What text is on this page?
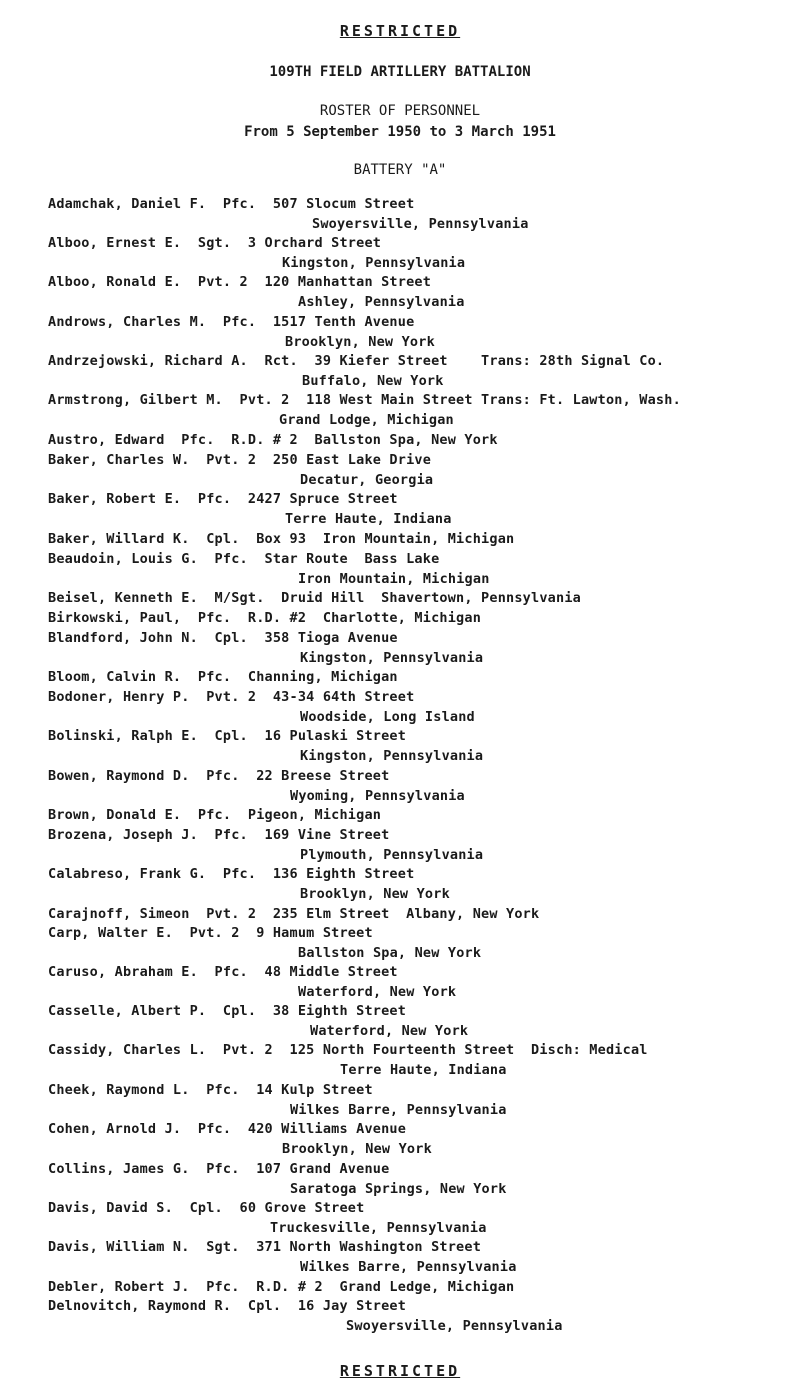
RESTRICTED
109TH FIELD ARTILLERY BATTALION
ROSTER OF PERSONNEL
From 5 September 1950 to 3 March 1951
BATTERY "A"
Adamchak, Daniel F.  Pfc.  507 Slocum Street
Swoyersville, Pennsylvania
Alboo, Ernest E.  Sgt.  3 Orchard Street
Kingston, Pennsylvania
Alboo, Ronald E.  Pvt. 2  120 Manhattan Street
Ashley, Pennsylvania
Androws, Charles M.  Pfc.  1517 Tenth Avenue
Brooklyn, New York
Andrzejowski, Richard A.  Rct.  39 Kiefer Street    Trans: 28th Signal Co.
Buffalo, New York
Armstrong, Gilbert M.  Pvt. 2  118 West Main Street Trans: Ft. Lawton, Wash.
Grand Lodge, Michigan
Austro, Edward  Pfc.  R.D. # 2  Ballston Spa, New York
Baker, Charles W.  Pvt. 2  250 East Lake Drive
Decatur, Georgia
Baker, Robert E.  Pfc.  2427 Spruce Street
Terre Haute, Indiana
Baker, Willard K.  Cpl.  Box 93  Iron Mountain, Michigan
Beaudoin, Louis G.  Pfc.  Star Route  Bass Lake
Iron Mountain, Michigan
Beisel, Kenneth E.  M/Sgt.  Druid Hill  Shavertown, Pennsylvania
Birkowski, Paul,  Pfc.  R.D. #2  Charlotte, Michigan
Blandford, John N.  Cpl.  358 Tioga Avenue
Kingston, Pennsylvania
Bloom, Calvin R.  Pfc.  Channing, Michigan
Bodoner, Henry P.  Pvt. 2  43-34 64th Street
Woodside, Long Island
Bolinski, Ralph E.  Cpl.  16 Pulaski Street
Kingston, Pennsylvania
Bowen, Raymond D.  Pfc.  22 Breese Street
Wyoming, Pennsylvania
Brown, Donald E.  Pfc.  Pigeon, Michigan
Brozena, Joseph J.  Pfc.  169 Vine Street
Plymouth, Pennsylvania
Calabreso, Frank G.  Pfc.  136 Eighth Street
Brooklyn, New York
Carajnoff, Simeon  Pvt. 2  235 Elm Street  Albany, New York
Carp, Walter E.  Pvt. 2  9 Hamum Street
Ballston Spa, New York
Caruso, Abraham E.  Pfc.  48 Middle Street
Waterford, New York
Casselle, Albert P.  Cpl.  38 Eighth Street
Waterford, New York
Cassidy, Charles L.  Pvt. 2  125 North Fourteenth Street  Disch: Medical
Terre Haute, Indiana
Cheek, Raymond L.  Pfc.  14 Kulp Street
Wilkes Barre, Pennsylvania
Cohen, Arnold J.  Pfc.  420 Williams Avenue
Brooklyn, New York
Collins, James G.  Pfc.  107 Grand Avenue
Saratoga Springs, New York
Davis, David S.  Cpl.  60 Grove Street
Truckesville, Pennsylvania
Davis, William N.  Sgt.  371 North Washington Street
Wilkes Barre, Pennsylvania
Debler, Robert J.  Pfc.  R.D. # 2  Grand Ledge, Michigan
Delnovitch, Raymond R.  Cpl.  16 Jay Street
Swoyersville, Pennsylvania
RESTRICTED
